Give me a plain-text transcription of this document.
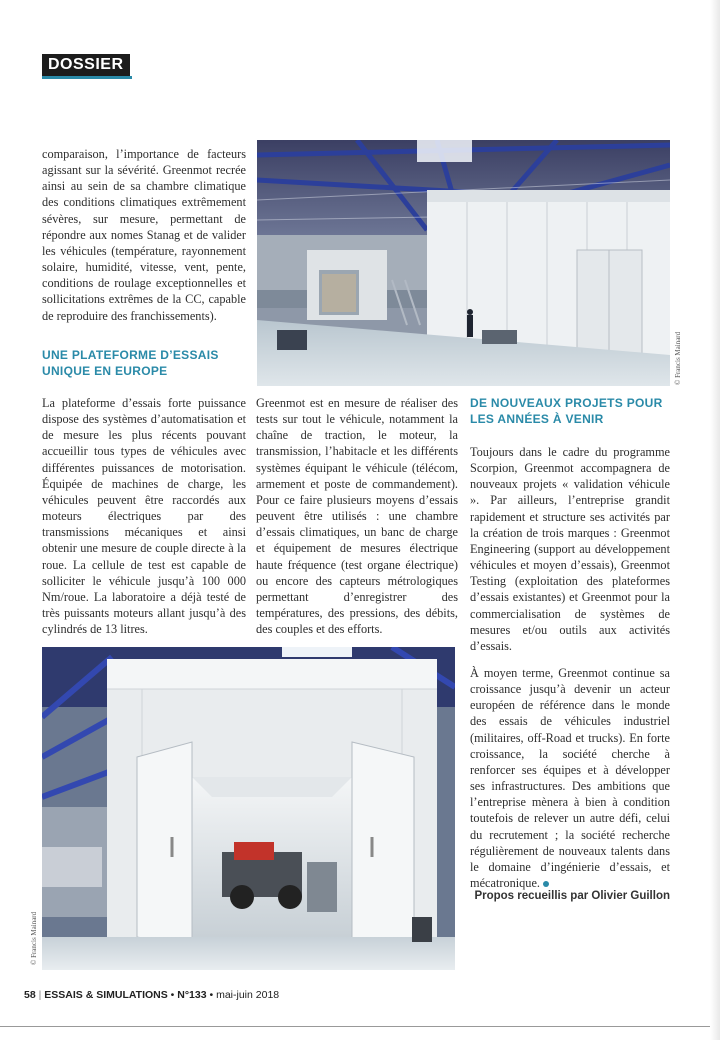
DOSSIER

comparaison, l’importance de facteurs agissant sur la sévérité. Greenmot recrée ainsi au sein de sa chambre climatique des conditions climatiques extrêmement sévères, sur mesure, permettant de répondre aux nomes Stanag et de valider les véhicules (température, rayonnement solaire, humidité, vitesse, vent, pente, conditions de roulage exceptionnelles et sollicitations extrêmes de la CC, capable de reproduire des franchissements).

UNE PLATEFORME D’ESSAIS UNIQUE EN EUROPE

La plateforme d’essais forte puissance dispose des systèmes d’automatisation et de mesure les plus récents pouvant accueillir tous types de véhicules avec différentes puissances de motorisation. Équipée de machines de charge, les véhicules peuvent être raccordés aux moteurs électriques par des transmissions mécaniques et ainsi obtenir une mesure de couple directe à la roue. La cellule de test est capable de solliciter le véhicule jusqu’à 100 000 Nm/roue. La laboratoire a déjà testé de très puissants moteurs allant jusqu’à des cylindrés de 13 litres.

© Francis Mainard

Greenmot est en mesure de réaliser des tests sur tout le véhicule, notamment la chaîne de traction, le moteur, la transmission, l’habitacle et les différents systèmes équipant le véhicule (télécom, armement et poste de commandement). Pour ce faire plusieurs moyens d’essais peuvent être utilisés : une chambre d’essais climatiques, un banc de charge et équipement de mesures électrique haute fréquence (test organe électrique) ou encore des capteurs métrologiques permettant d’enregistrer des températures, des pressions, des débits, des couples et des efforts.

DE NOUVEAUX PROJETS POUR LES ANNÉES À VENIR

Toujours dans le cadre du programme Scorpion, Greenmot accompagnera de nouveaux projets « validation véhicule ». Par ailleurs, l’entreprise grandit rapidement et structure ses activités par la création de trois marques : Greenmot Engineering (support au développement véhicules et moyen d’essais), Greenmot Testing (exploitation des plateformes d’essais existantes) et Greenmot pour la commercialisation de systèmes de mesures et/ou outils aux activités d’essais.

À moyen terme, Greenmot continue sa croissance jusqu’à devenir un acteur européen de référence dans le monde des essais de véhicules industriel (militaires, off-Road et trucks). En forte croissance, la société cherche à renforcer ses équipes et à développer ses infrastructures. Des ambitions que l’entreprise mènera à bien à condition toutefois de relever un autre défi, celui du recrutement ; la société recherche régulièrement de nouveaux talents dans le domaine d’ingénierie d’essais, et mécatronique.

© Francis Mainard
Propos recueillis par Olivier Guillon
58 | ESSAIS & SIMULATIONS • N°133 • mai-juin 2018
